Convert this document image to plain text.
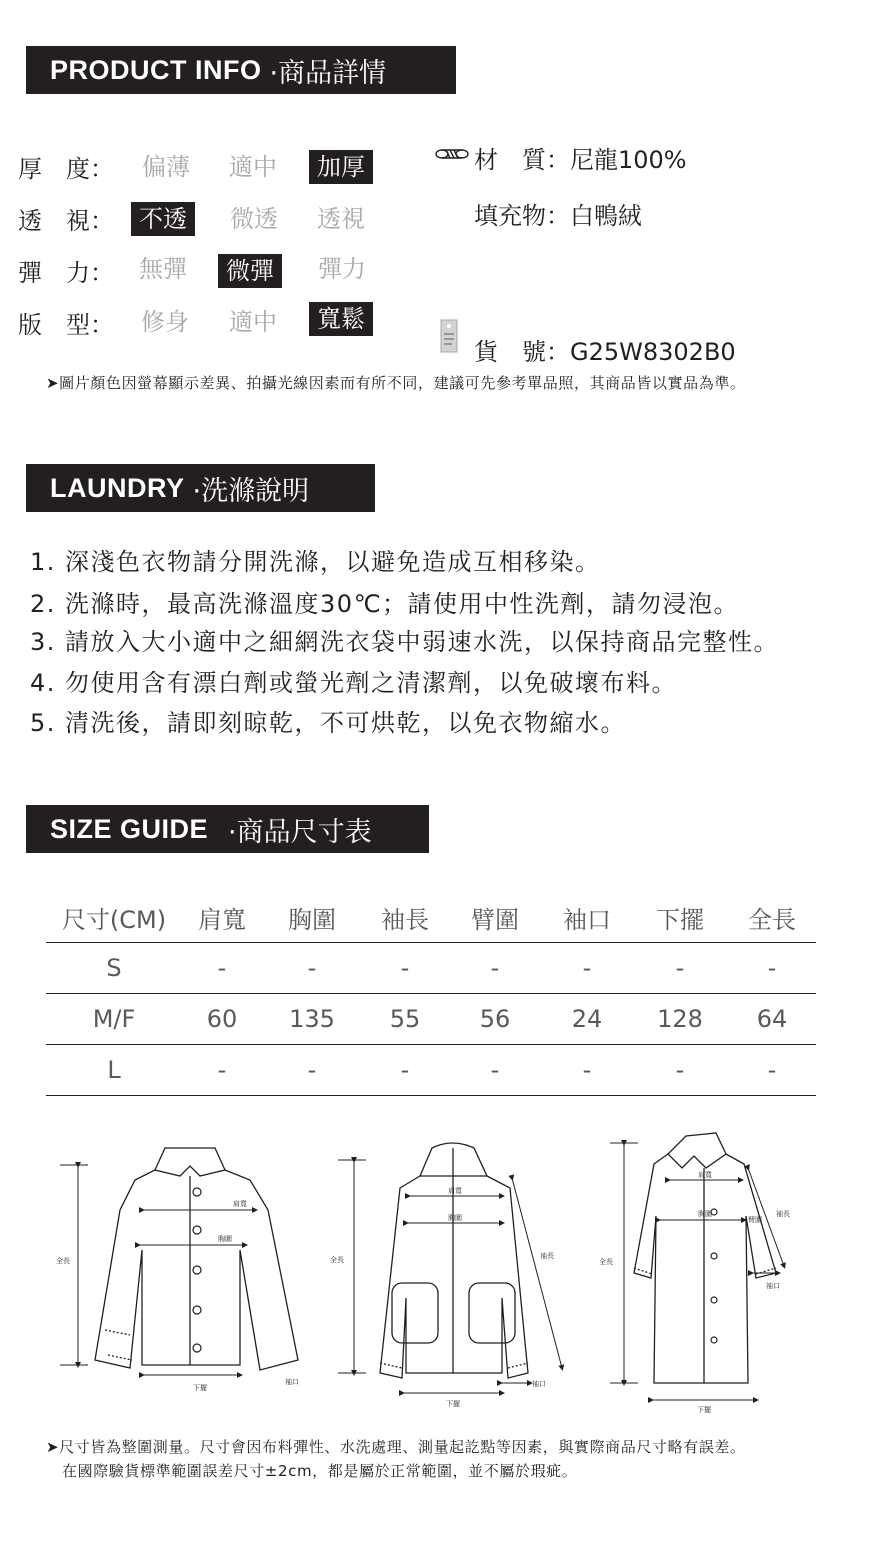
PRODUCT INFO ·商品詳情
厚　度：	偏薄	適中	加厚
透　視：	不透	微透	透視
彈　力：	無彈	微彈	彈力
版　型：	修身	適中	寬鬆
材　質：尼龍100%
填充物：白鴨絨
貨　號：G25W8302B0
➤圖片顏色因螢幕顯示差異、拍攝光線因素而有所不同，建議可先參考單品照，其商品皆以實品為準。
LAUNDRY ·洗滌說明
1. 深淺色衣物請分開洗滌，以避免造成互相移染。
2. 洗滌時，最高洗滌溫度30℃；請使用中性洗劑，請勿浸泡。
3. 請放入大小適中之細網洗衣袋中弱速水洗，以保持商品完整性。
4. 勿使用含有漂白劑或螢光劑之清潔劑，以免破壞布料。
5. 清洗後，請即刻晾乾，不可烘乾，以免衣物縮水。
SIZE GUIDE ·商品尺寸表
尺寸(CM)	肩寬	胸圍	袖長	臂圍	袖口	下擺	全長
S	-	-	-	-	-	-	-
M/F	60	135	55	56	24	128	64
L	-	-	-	-	-	-	-
全長
肩寬
胸圍
下擺
袖口
全長
肩寬
胸圍
袖長
下擺
袖口
全長
肩寬
胸圍
臂圍
袖長
袖口
下擺
➤尺寸皆為整圍測量。尺寸會因布料彈性、水洗處理、測量起訖點等因素，與實際商品尺寸略有誤差。
在國際驗貨標準範圍誤差尺寸±2cm，都是屬於正常範圍，並不屬於瑕疵。
